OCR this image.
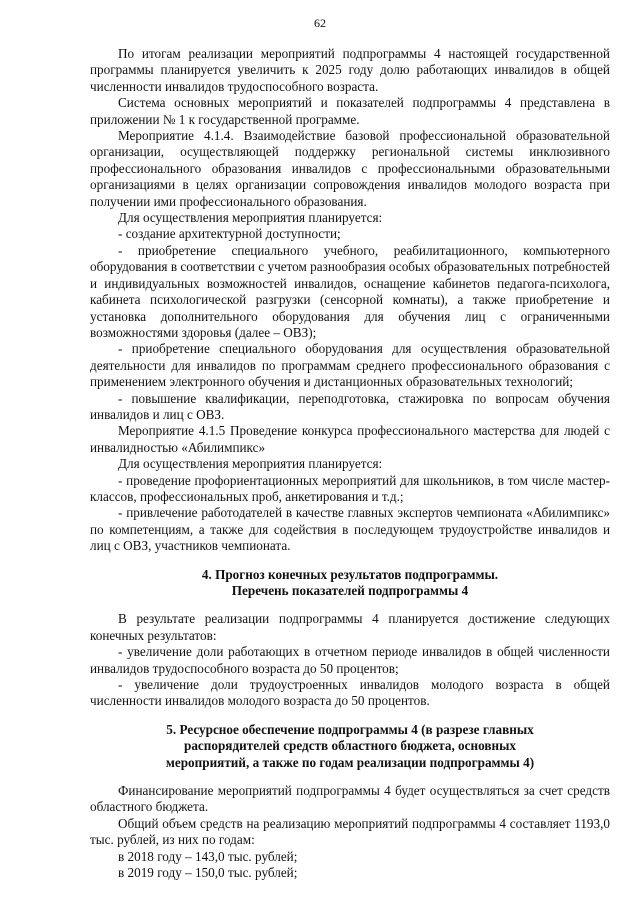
62

По итогам реализации мероприятий подпрограммы 4 настоящей государственной программы планируется увеличить к 2025 году долю работающих инвалидов в общей численности инвалидов трудоспособного возраста.

Система основных мероприятий и показателей подпрограммы 4 представлена в приложении № 1 к государственной программе.

Мероприятие 4.1.4. Взаимодействие базовой профессиональной образовательной организации, осуществляющей поддержку региональной системы инклюзивного профессионального образования инвалидов с профессиональными образовательными организациями в целях организации сопровождения инвалидов молодого возраста при получении ими профессионального образования.

Для осуществления мероприятия планируется:

- создание архитектурной доступности;

- приобретение специального учебного, реабилитационного, компьютерного оборудования в соответствии с учетом разнообразия особых образовательных потребностей и индивидуальных возможностей инвалидов, оснащение кабинетов педагога-психолога, кабинета психологической разгрузки (сенсорной комнаты), а также приобретение и установка дополнительного оборудования для обучения лиц с ограниченными возможностями здоровья (далее – ОВЗ);

- приобретение специального оборудования для осуществления образовательной деятельности для инвалидов по программам среднего профессионального образования с применением электронного обучения и дистанционных образовательных технологий;

- повышение квалификации, переподготовка, стажировка по вопросам обучения инвалидов и лиц с ОВЗ.

Мероприятие 4.1.5 Проведение конкурса профессионального мастерства для людей с инвалидностью «Абилимпикс»

Для осуществления мероприятия планируется:

- проведение профориентационных мероприятий для школьников, в том числе мастер-классов, профессиональных проб, анкетирования и т.д.;

- привлечение работодателей в качестве главных экспертов чемпионата «Абилимпикс» по компетенциям, а также для содействия в последующем трудоустройстве инвалидов и лиц с ОВЗ, участников чемпионата.

4. Прогноз конечных результатов подпрограммы.
Перечень показателей подпрограммы 4

В результате реализации подпрограммы 4 планируется достижение следующих конечных результатов:

- увеличение доли работающих в отчетном периоде инвалидов в общей численности инвалидов трудоспособного возраста до 50 процентов;

- увеличение доли трудоустроенных инвалидов молодого возраста в общей численности инвалидов молодого возраста до 50 процентов.

5. Ресурсное обеспечение подпрограммы 4 (в разрезе главных
распорядителей средств областного бюджета, основных
мероприятий, а также по годам реализации подпрограммы 4)

Финансирование мероприятий подпрограммы 4 будет осуществляться за счет средств областного бюджета.

Общий объем средств на реализацию мероприятий подпрограммы 4 составляет 1193,0 тыс. рублей, из них по годам:

в 2018 году – 143,0 тыс. рублей;

в 2019 году – 150,0 тыс. рублей;
